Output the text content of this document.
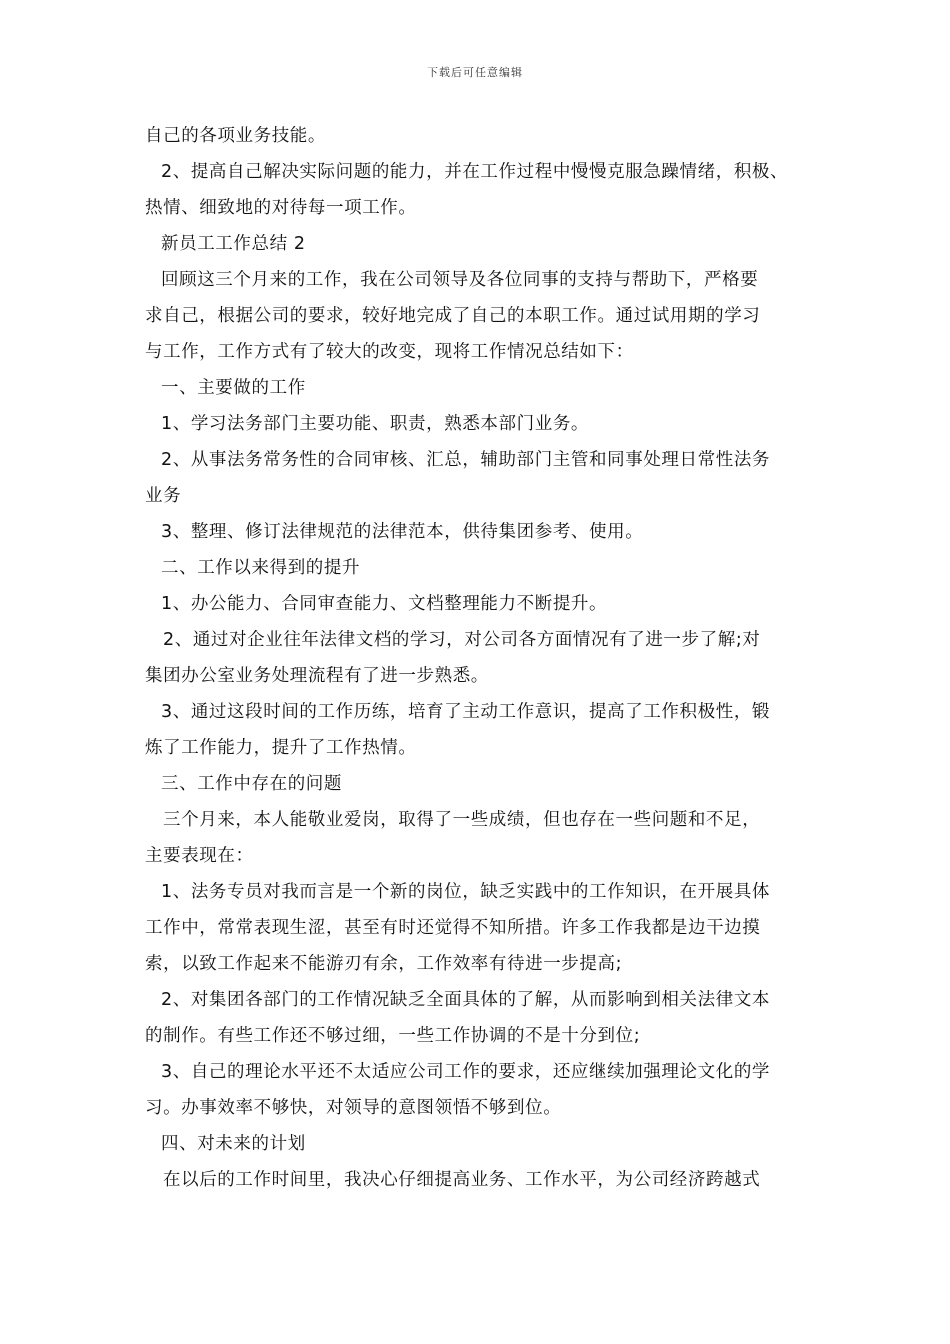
下载后可任意编辑
自己的各项业务技能。
2、提高自己解决实际问题的能力，并在工作过程中慢慢克服急躁情绪，积极、
热情、细致地的对待每一项工作。
新员工工作总结 2
回顾这三个月来的工作，我在公司领导及各位同事的支持与帮助下，严格要
求自己，根据公司的要求，较好地完成了自己的本职工作。通过试用期的学习
与工作，工作方式有了较大的改变，现将工作情况总结如下：
一、主要做的工作
1、学习法务部门主要功能、职责，熟悉本部门业务。
2、从事法务常务性的合同审核、汇总，辅助部门主管和同事处理日常性法务
业务
3、整理、修订法律规范的法律范本，供待集团参考、使用。
二、工作以来得到的提升
1、办公能力、合同审查能力、文档整理能力不断提升。
2、通过对企业往年法律文档的学习，对公司各方面情况有了进一步了解;对
集团办公室业务处理流程有了进一步熟悉。
3、通过这段时间的工作历练，培育了主动工作意识，提高了工作积极性，锻
炼了工作能力，提升了工作热情。
三、工作中存在的问题
三个月来，本人能敬业爱岗，取得了一些成绩，但也存在一些问题和不足，
主要表现在：
1、法务专员对我而言是一个新的岗位，缺乏实践中的工作知识，在开展具体
工作中，常常表现生涩，甚至有时还觉得不知所措。许多工作我都是边干边摸
索，以致工作起来不能游刃有余，工作效率有待进一步提高;
2、对集团各部门的工作情况缺乏全面具体的了解，从而影响到相关法律文本
的制作。有些工作还不够过细，一些工作协调的不是十分到位;
3、自己的理论水平还不太适应公司工作的要求，还应继续加强理论文化的学
习。办事效率不够快，对领导的意图领悟不够到位。
四、对未来的计划
在以后的工作时间里，我决心仔细提高业务、工作水平，为公司经济跨越式
